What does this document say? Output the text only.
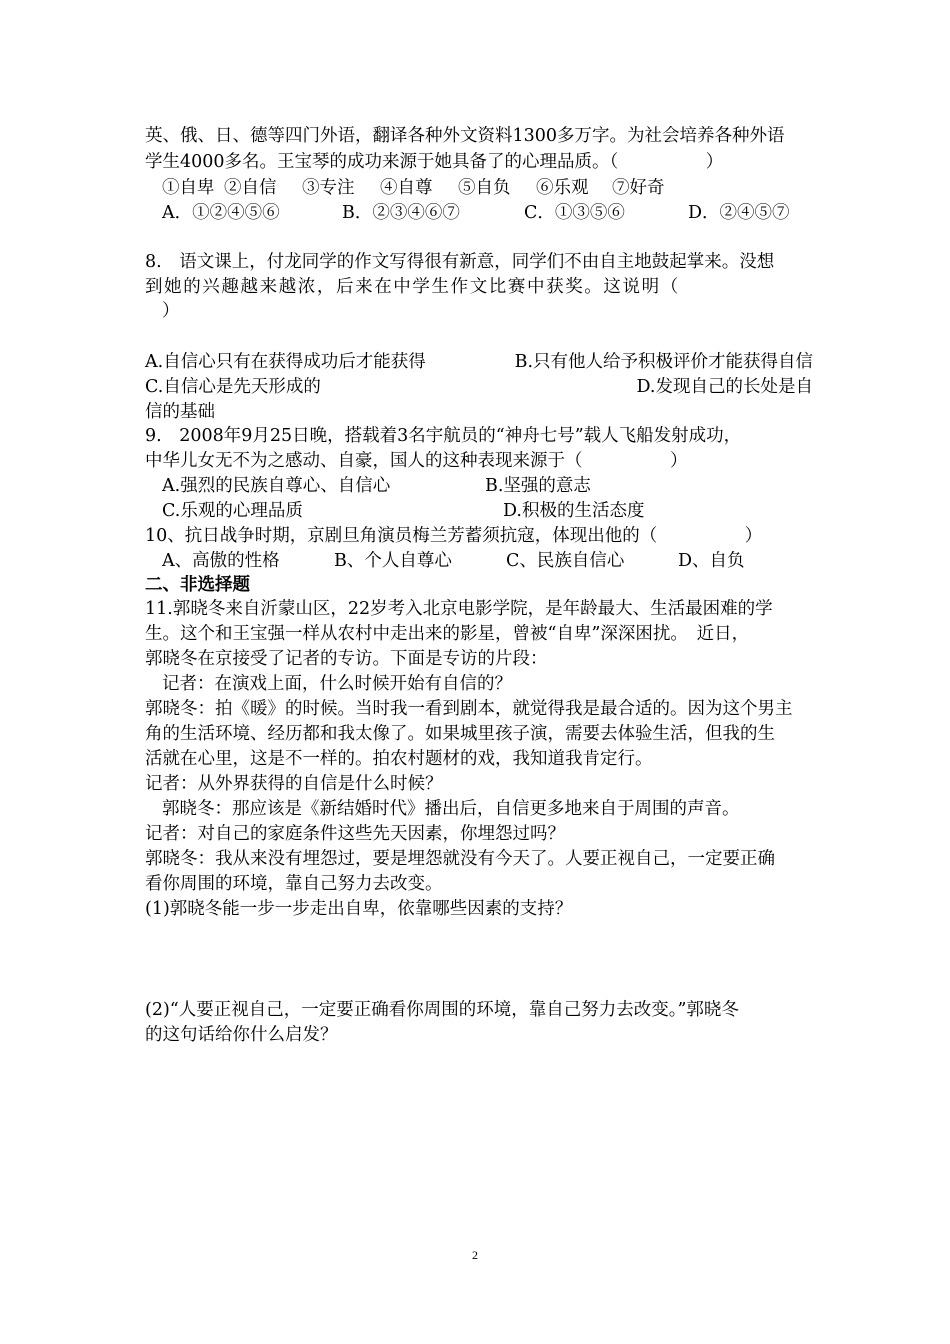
英、俄、日、德等四门外语，翻译各种外文资料1300多万字。为社会培养各种外语
学生4000多名。王宝琴的成功来源于她具备了的心理品质。（　　　　　）
①自卑 ②自信	③专注	④自尊	⑤自负	⑥乐观	⑦好奇
A．①②④⑤⑥	B．②③④⑥⑦	C．①③⑤⑥	D．②④⑤⑦
8.　语文课上，付龙同学的作文写得很有新意，同学们不由自主地鼓起掌来。没想
到她的兴趣越来越浓，后来在中学生作文比赛中获奖。这说明（
）
A.自信心只有在获得成功后才能获得	B.只有他人给予积极评价才能获得自信
C.自信心是先天形成的	D.发现自己的长处是自
信的基础
9.　2008年9月25日晚，搭载着3名宇航员的“神舟七号”载人飞船发射成功，
中华儿女无不为之感动、自豪，国人的这种表现来源于（　　　　　）
A.强烈的民族自尊心、自信心	B.坚强的意志
C.乐观的心理品质	D.积极的生活态度
10、抗日战争时期，京剧旦角演员梅兰芳蓄须抗寇，体现出他的（　　　　　）
A、高傲的性格	B、个人自尊心	C、民族自信心	D、自负
二、非选择题
11.郭晓冬来自沂蒙山区，22岁考入北京电影学院，是年龄最大、生活最困难的学
生。这个和王宝强一样从农村中走出来的影星，曾被“自卑”深深困扰。　近日，
郭晓冬在京接受了记者的专访。下面是专访的片段：
记者：在演戏上面，什么时候开始有自信的？
郭晓冬：拍《暖》的时候。当时我一看到剧本，就觉得我是最合适的。因为这个男主
角的生活环境、经历都和我太像了。如果城里孩子演，需要去体验生活，但我的生
活就在心里，这是不一样的。拍农村题材的戏，我知道我肯定行。
记者：从外界获得的自信是什么时候？
郭晓冬：那应该是《新结婚时代》播出后，自信更多地来自于周围的声音。
记者：对自己的家庭条件这些先天因素，你埋怨过吗？
郭晓冬：我从来没有埋怨过，要是埋怨就没有今天了。人要正视自己，一定要正确
看你周围的环境，靠自己努力去改变。
(1)郭晓冬能一步一步走出自卑，依靠哪些因素的支持？
(2)“人要正视自己，一定要正确看你周围的环境，靠自己努力去改变。”郭晓冬
的这句话给你什么启发？
2
